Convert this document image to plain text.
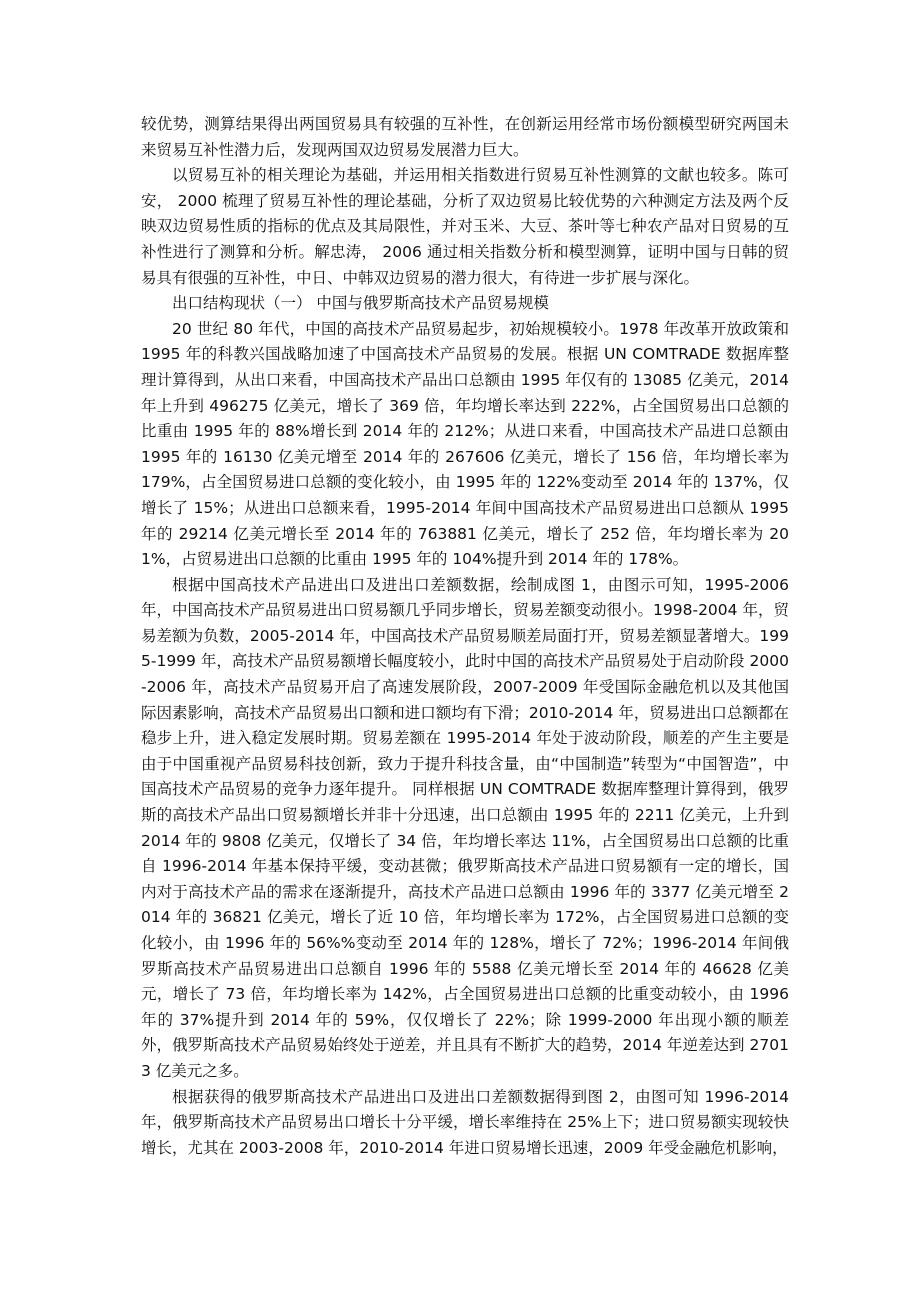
较优势，测算结果得出两国贸易具有较强的互补性，在创新运用经常市场份额模型研究两国未来贸易互补性潜力后，发现两国双边贸易发展潜力巨大。

以贸易互补的相关理论为基础，并运用相关指数进行贸易互补性测算的文献也较多。陈可安， 2000 梳理了贸易互补性的理论基础，分析了双边贸易比较优势的六种测定方法及两个反映双边贸易性质的指标的优点及其局限性，并对玉米、大豆、茶叶等七种农产品对日贸易的互补性进行了测算和分析。解忠涛， 2006 通过相关指数分析和模型测算，证明中国与日韩的贸易具有很强的互补性，中日、中韩双边贸易的潜力很大，有待进一步扩展与深化。

出口结构现状（一） 中国与俄罗斯高技术产品贸易规模

20 世纪 80 年代，中国的高技术产品贸易起步，初始规模较小。1978 年改革开放政策和 1995 年的科教兴国战略加速了中国高技术产品贸易的发展。根据 UN COMTRADE 数据库整理计算得到，从出口来看，中国高技术产品出口总额由 1995 年仅有的 13085 亿美元，2014 年上升到 496275 亿美元，增长了 369 倍，年均增长率达到 222%，占全国贸易出口总额的比重由 1995 年的 88%增长到 2014 年的 212%；从进口来看，中国高技术产品进口总额由 1995 年的 16130 亿美元增至 2014 年的 267606 亿美元，增长了 156 倍，年均增长率为 179%，占全国贸易进口总额的变化较小，由 1995 年的 122%变动至 2014 年的 137%，仅增长了 15%；从进出口总额来看，1995-2014 年间中国高技术产品贸易进出口总额从 1995 年的 29214 亿美元增长至 2014 年的 763881 亿美元，增长了 252 倍，年均增长率为 201%，占贸易进出口总额的比重由 1995 年的 104%提升到 2014 年的 178%。

根据中国高技术产品进出口及进出口差额数据，绘制成图 1，由图示可知，1995-2006 年，中国高技术产品贸易进出口贸易额几乎同步增长，贸易差额变动很小。1998-2004 年，贸易差额为负数，2005-2014 年，中国高技术产品贸易顺差局面打开，贸易差额显著增大。1995-1999 年，高技术产品贸易额增长幅度较小，此时中国的高技术产品贸易处于启动阶段 2000-2006 年，高技术产品贸易开启了高速发展阶段，2007-2009 年受国际金融危机以及其他国际因素影响，高技术产品贸易出口额和进口额均有下滑；2010-2014 年，贸易进出口总额都在稳步上升，进入稳定发展时期。贸易差额在 1995-2014 年处于波动阶段，顺差的产生主要是由于中国重视产品贸易科技创新，致力于提升科技含量，由“中国制造”转型为“中国智造”，中国高技术产品贸易的竞争力逐年提升。 同样根据 UN COMTRADE 数据库整理计算得到，俄罗斯的高技术产品出口贸易额增长并非十分迅速，出口总额由 1995 年的 2211 亿美元，上升到 2014 年的 9808 亿美元，仅增长了 34 倍，年均增长率达 11%，占全国贸易出口总额的比重自 1996-2014 年基本保持平缓，变动甚微；俄罗斯高技术产品进口贸易额有一定的增长，国内对于高技术产品的需求在逐渐提升，高技术产品进口总额由 1996 年的 3377 亿美元增至 2014 年的 36821 亿美元，增长了近 10 倍，年均增长率为 172%，占全国贸易进口总额的变化较小，由 1996 年的 56%%变动至 2014 年的 128%，增长了 72%；1996-2014 年间俄罗斯高技术产品贸易进出口总额自 1996 年的 5588 亿美元增长至 2014 年的 46628 亿美元，增长了 73 倍，年均增长率为 142%，占全国贸易进出口总额的比重变动较小，由 1996 年的 37%提升到 2014 年的 59%，仅仅增长了 22%；除 1999-2000 年出现小额的顺差外，俄罗斯高技术产品贸易始终处于逆差，并且具有不断扩大的趋势，2014 年逆差达到 27013 亿美元之多。

根据获得的俄罗斯高技术产品进出口及进出口差额数据得到图 2，由图可知 1996-2014 年，俄罗斯高技术产品贸易出口增长十分平缓，增长率维持在 25%上下；进口贸易额实现较快增长，尤其在 2003-2008 年，2010-2014 年进口贸易增长迅速，2009 年受金融危机影响，
